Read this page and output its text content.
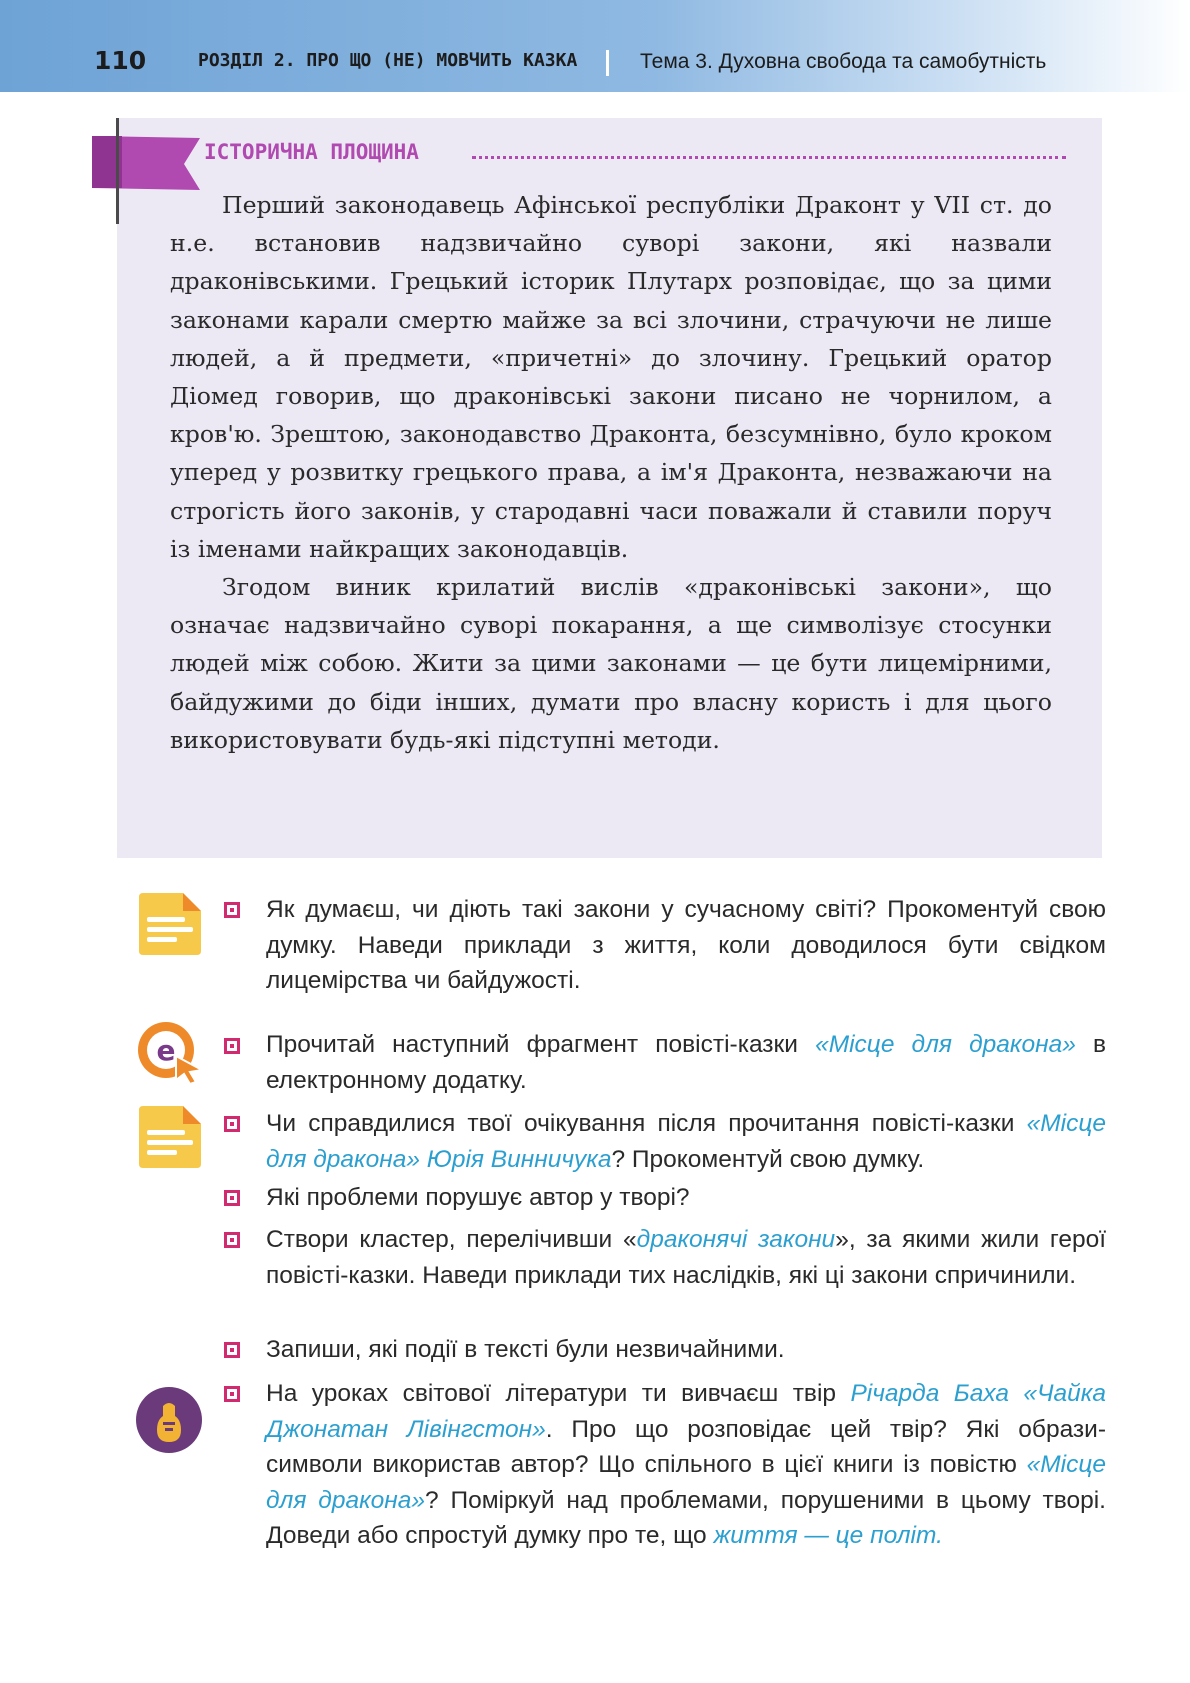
110	РОЗДІЛ 2. ПРО ЩО (НЕ) МОВЧИТЬ КАЗКА	Тема 3. Духовна свобода та самобутність
ІСТОРИЧНА ПЛОЩИНА

Перший законодавець Афінської республіки Драконт у VII ст. до н.е. встановив надзвичайно суворі закони, які назвали драконівськими. Грецький історик Плутарх розповідає, що за цими законами карали смертю майже за всі злочини, страчуючи не лише людей, а й предмети, «причетні» до злочину. Грецький оратор Діомед говорив, що драконівські закони писано не чорнилом, а кров'ю. Зрештою, законодавство Драконта, безсумнівно, було кроком уперед у розвитку грецького права, а ім'я Драконта, незважаючи на строгість його законів, у стародавні часи поважали й ставили поруч із іменами найкращих законодавців.

Згодом виник крилатий вислів «драконівські закони», що означає надзвичайно суворі покарання, а ще символізує стосунки людей між собою. Жити за цими законами — це бути лицемірними, байдужими до біди інших, думати про власну користь і для цього використовувати будь-які підступні методи.

e

Як думаєш, чи діють такі закони у сучасному світі? Прокоментуй свою думку. Наведи приклади з життя, коли доводилося бути свідком лицемірства чи байдужості.

Прочитай наступний фрагмент повісті-казки «Місце для дракона» в електронному додатку.

Чи справдилися твої очікування після прочитання повісті-казки «Місце для дракона» Юрія Винничука? Прокоментуй свою думку.

Які проблеми порушує автор у творі?

Створи кластер, перелічивши «драконячі закони», за якими жили герої повісті-казки. Наведи приклади тих наслідків, які ці закони спричинили.

Запиши, які події в тексті були незвичайними.

На уроках світової літератури ти вивчаєш твір Річарда Баха «Чайка Джонатан Лівінгстон». Про що розповідає цей твір? Які образи-символи використав автор? Що спільного в цієї книги із повістю «Місце для дракона»? Поміркуй над проблемами, порушеними в цьому творі. Доведи або спростуй думку про те, що життя — це політ.
